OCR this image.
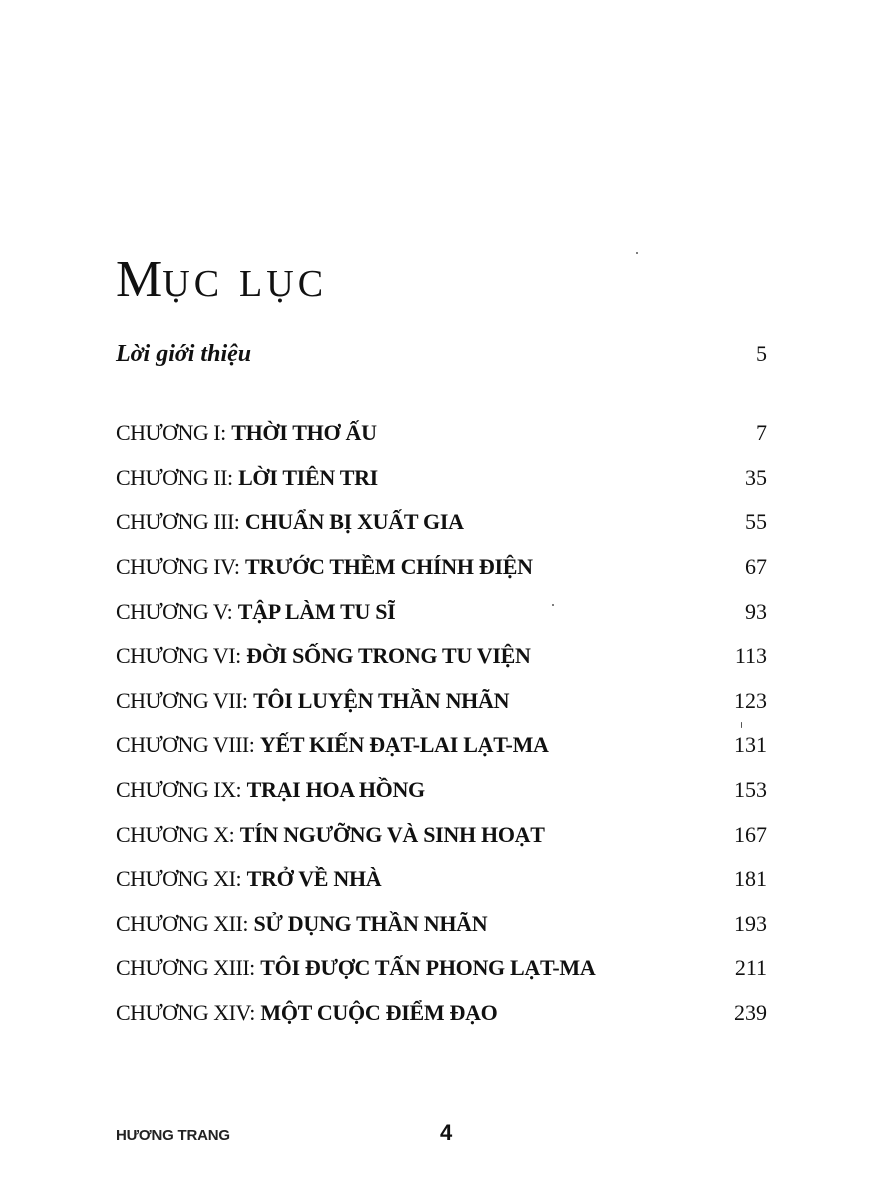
MỤC LỤC
Lời giới thiệu	5
CHƯƠNG I: THỜI THƠ ẤU	7
CHƯƠNG II: LỜI TIÊN TRI	35
CHƯƠNG III: CHUẨN BỊ XUẤT GIA	55
CHƯƠNG IV: TRƯỚC THỀM CHÍNH ĐIỆN	67
CHƯƠNG V: TẬP LÀM TU SĨ	93
CHƯƠNG VI: ĐỜI SỐNG TRONG TU VIỆN	113
CHƯƠNG VII: TÔI LUYỆN THẦN NHÃN	123
CHƯƠNG VIII: YẾT KIẾN ĐẠT-LAI LẠT-MA	131
CHƯƠNG IX: TRẠI HOA HỒNG	153
CHƯƠNG X: TÍN NGƯỠNG VÀ SINH HOẠT	167
CHƯƠNG XI: TRỞ VỀ NHÀ	181
CHƯƠNG XII: SỬ DỤNG THẦN NHÃN	193
CHƯƠNG XIII: TÔI ĐƯỢC TẤN PHONG LẠT-MA	211
CHƯƠNG XIV: MỘT CUỘC ĐIỂM ĐẠO	239
HƯƠNG TRANG	4
